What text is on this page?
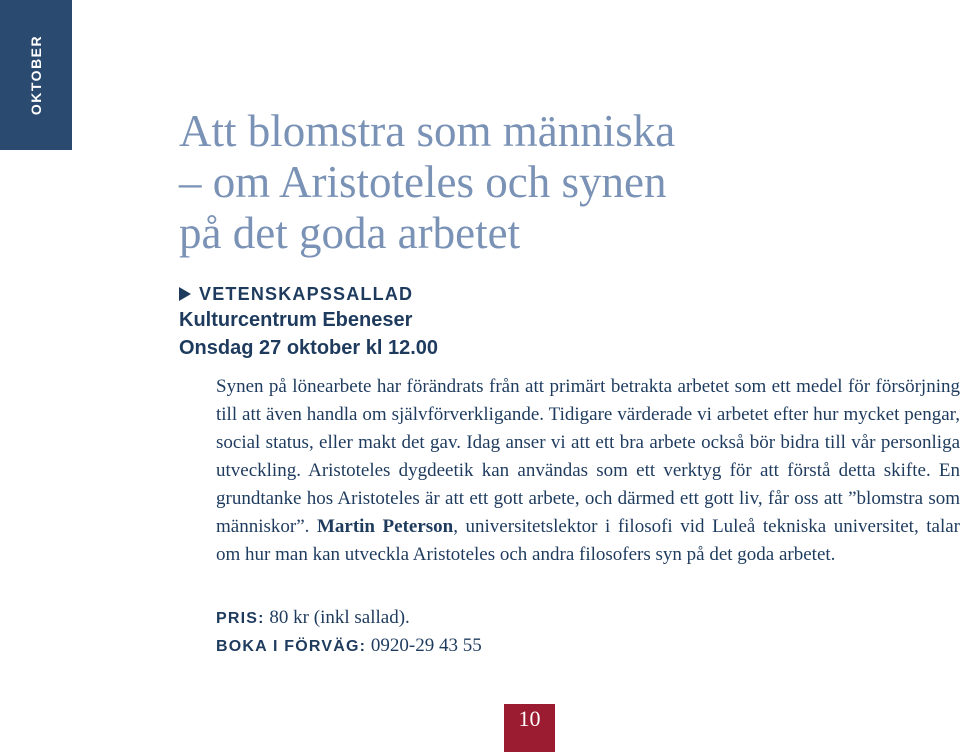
OKTOBER
Att blomstra som människa
– om Aristoteles och synen
på det goda arbetet
VETENSKAPSSALLAD
Kulturcentrum Ebeneser
Onsdag 27 oktober kl 12.00

Synen på lönearbete har förändrats från att primärt betrakta arbetet som ett medel för försörjning till att även handla om självförverkligande. Tidigare värderade vi arbetet efter hur mycket pengar, social status, eller makt det gav. Idag anser vi att ett bra arbete också bör bidra till vår personliga utveckling. Aristoteles dygdeetik kan användas som ett verktyg för att förstå detta skifte. En grundtanke hos Aristoteles är att ett gott arbete, och därmed ett gott liv, får oss att ”blomstra som människor”. Martin Peterson, universitetslektor i filosofi vid Luleå tekniska universitet, talar om hur man kan utveckla Aristoteles och andra filosofers syn på det goda arbetet.

PRIS: 80 kr (inkl sallad).
BOKA I FÖRVÄG: 0920-29 43 55
10
